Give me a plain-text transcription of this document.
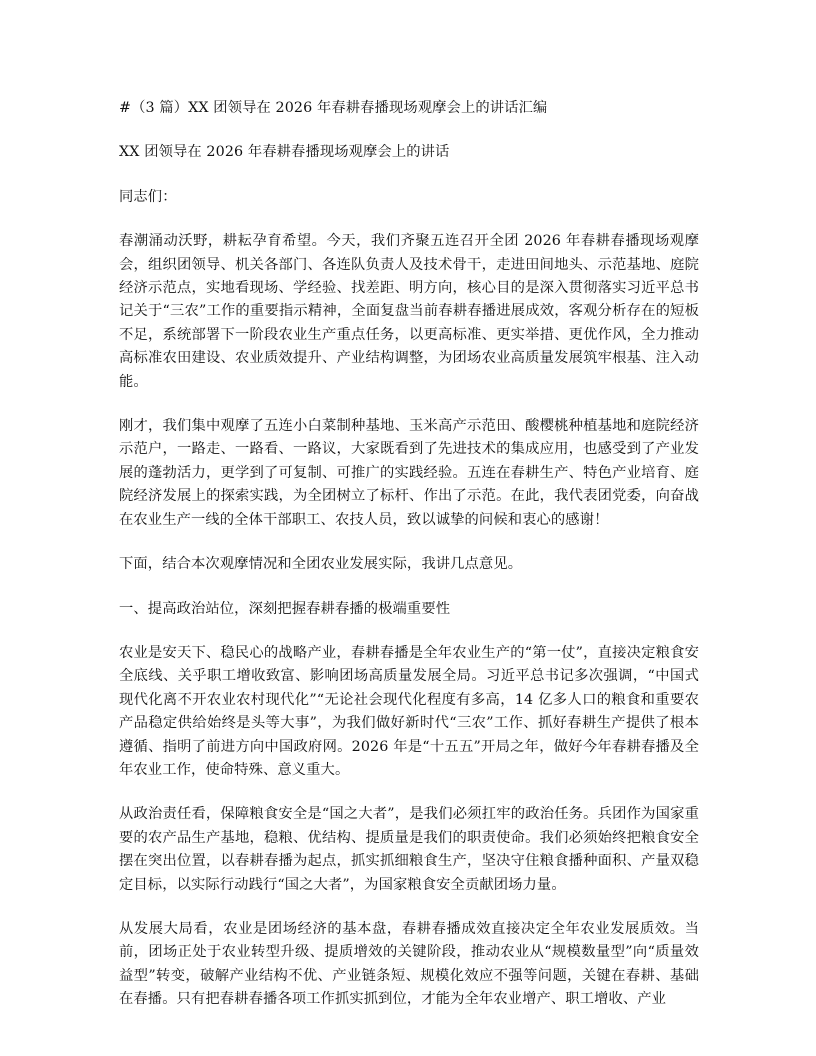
#（3 篇）XX 团领导在 2026 年春耕春播现场观摩会上的讲话汇编

XX 团领导在 2026 年春耕春播现场观摩会上的讲话

同志们：

春潮涌动沃野，耕耘孕育希望。今天，我们齐聚五连召开全团 2026 年春耕春播现场观摩会，组织团领导、机关各部门、各连队负责人及技术骨干，走进田间地头、示范基地、庭院经济示范点，实地看现场、学经验、找差距、明方向，核心目的是深入贯彻落实习近平总书记关于“三农”工作的重要指示精神，全面复盘当前春耕春播进展成效，客观分析存在的短板不足，系统部署下一阶段农业生产重点任务，以更高标准、更实举措、更优作风，全力推动高标准农田建设、农业质效提升、产业结构调整，为团场农业高质量发展筑牢根基、注入动能。

刚才，我们集中观摩了五连小白菜制种基地、玉米高产示范田、酸樱桃种植基地和庭院经济示范户，一路走、一路看、一路议，大家既看到了先进技术的集成应用，也感受到了产业发展的蓬勃活力，更学到了可复制、可推广的实践经验。五连在春耕生产、特色产业培育、庭院经济发展上的探索实践，为全团树立了标杆、作出了示范。在此，我代表团党委，向奋战在农业生产一线的全体干部职工、农技人员，致以诚挚的问候和衷心的感谢！

下面，结合本次观摩情况和全团农业发展实际，我讲几点意见。

一、提高政治站位，深刻把握春耕春播的极端重要性

农业是安天下、稳民心的战略产业，春耕春播是全年农业生产的“第一仗”，直接决定粮食安全底线、关乎职工增收致富、影响团场高质量发展全局。习近平总书记多次强调，“中国式现代化离不开农业农村现代化”“无论社会现代化程度有多高，14 亿多人口的粮食和重要农产品稳定供给始终是头等大事”，为我们做好新时代“三农”工作、抓好春耕生产提供了根本遵循、指明了前进方向中国政府网。2026 年是“十五五”开局之年，做好今年春耕春播及全年农业工作，使命特殊、意义重大。

从政治责任看，保障粮食安全是“国之大者”，是我们必须扛牢的政治任务。兵团作为国家重要的农产品生产基地，稳粮、优结构、提质量是我们的职责使命。我们必须始终把粮食安全摆在突出位置，以春耕春播为起点，抓实抓细粮食生产，坚决守住粮食播种面积、产量双稳定目标，以实际行动践行“国之大者”，为国家粮食安全贡献团场力量。

从发展大局看，农业是团场经济的基本盘，春耕春播成效直接决定全年农业发展质效。当前，团场正处于农业转型升级、提质增效的关键阶段，推动农业从“规模数量型”向“质量效益型”转变，破解产业结构不优、产业链条短、规模化效应不强等问题，关键在春耕、基础在春播。只有把春耕春播各项工作抓实抓到位，才能为全年农业增产、职工增收、产业
